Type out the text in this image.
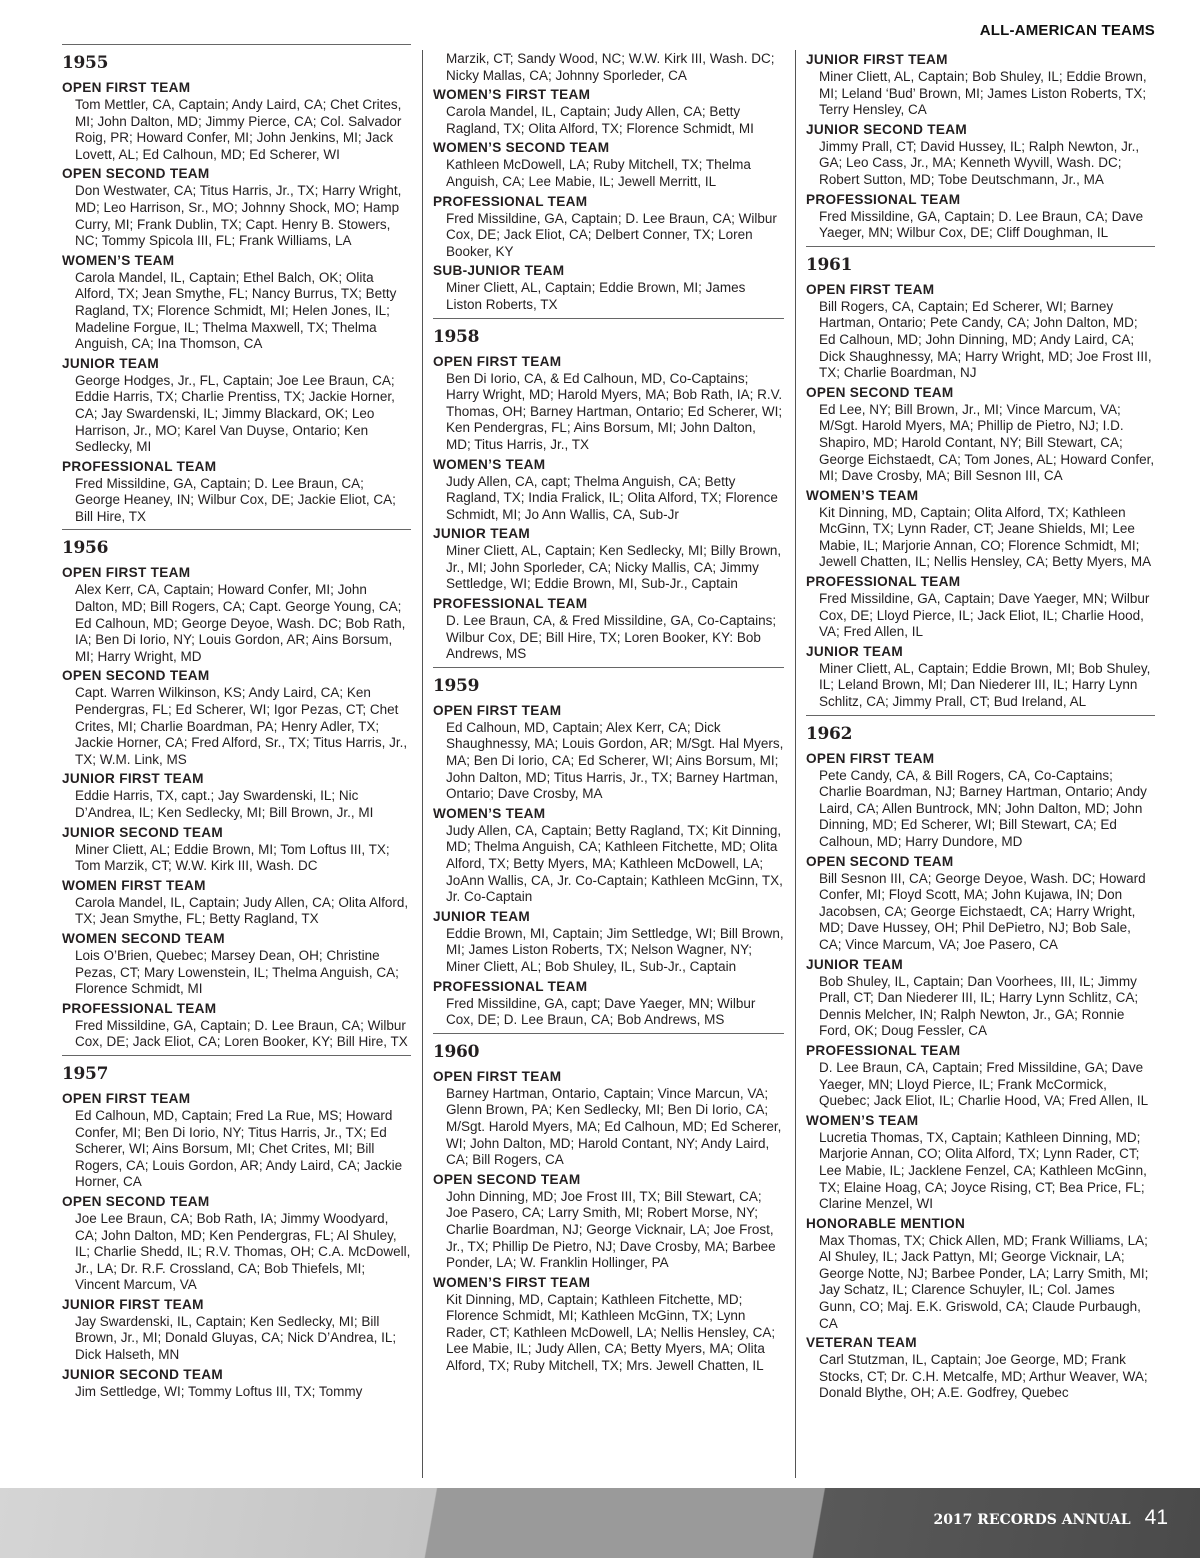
ALL-AMERICAN TEAMS
1955
OPEN FIRST TEAM
Tom Mettler, CA, Captain; Andy Laird, CA; Chet Crites, MI; John Dalton, MD; Jimmy Pierce, CA; Col. Salvador Roig, PR; Howard Confer, MI; John Jenkins, MI; Jack Lovett, AL; Ed Calhoun, MD; Ed Scherer, WI
OPEN SECOND TEAM
Don Westwater, CA; Titus Harris, Jr., TX; Harry Wright, MD; Leo Harrison, Sr., MO; Johnny Shock, MO; Hamp Curry, MI; Frank Dublin, TX; Capt. Henry B. Stowers, NC; Tommy Spicola III, FL; Frank Williams, LA
WOMEN’S TEAM
Carola Mandel, IL, Captain; Ethel Balch, OK; Olita Alford, TX; Jean Smythe, FL; Nancy Burrus, TX; Betty Ragland, TX; Florence Schmidt, MI; Helen Jones, IL; Madeline Forgue, IL; Thelma Maxwell, TX; Thelma Anguish, CA; Ina Thomson, CA
JUNIOR TEAM
George Hodges, Jr., FL, Captain; Joe Lee Braun, CA; Eddie Harris, TX; Charlie Prentiss, TX; Jackie Horner, CA; Jay Swardenski, IL; Jimmy Blackard, OK; Leo Harrison, Jr., MO; Karel Van Duyse, Ontario; Ken Sedlecky, MI
PROFESSIONAL TEAM
Fred Missildine, GA, Captain; D. Lee Braun, CA; George Heaney, IN; Wilbur Cox, DE; Jackie Eliot, CA; Bill Hire, TX
1956
OPEN FIRST TEAM
Alex Kerr, CA, Captain; Howard Confer, MI; John Dalton, MD; Bill Rogers, CA; Capt. George Young, CA; Ed Calhoun, MD; George Deyoe, Wash. DC; Bob Rath, IA; Ben Di Iorio, NY; Louis Gordon, AR; Ains Borsum, MI; Harry Wright, MD
OPEN SECOND TEAM
Capt. Warren Wilkinson, KS; Andy Laird, CA; Ken Pendergras, FL; Ed Scherer, WI; Igor Pezas, CT; Chet Crites, MI; Charlie Boardman, PA; Henry Adler, TX; Jackie Horner, CA; Fred Alford, Sr., TX; Titus Harris, Jr., TX; W.M. Link, MS
JUNIOR FIRST TEAM
Eddie Harris, TX, capt.; Jay Swardenski, IL; Nic D’Andrea, IL; Ken Sedlecky, MI; Bill Brown, Jr., MI
JUNIOR SECOND TEAM
Miner Cliett, AL; Eddie Brown, MI; Tom Loftus III, TX; Tom Marzik, CT; W.W. Kirk III, Wash. DC
WOMEN FIRST TEAM
Carola Mandel, IL, Captain; Judy Allen, CA; Olita Alford, TX; Jean Smythe, FL; Betty Ragland, TX
WOMEN SECOND TEAM
Lois O’Brien, Quebec; Marsey Dean, OH; Christine Pezas, CT; Mary Lowenstein, IL; Thelma Anguish, CA; Florence Schmidt, MI
PROFESSIONAL TEAM
Fred Missildine, GA, Captain; D. Lee Braun, CA; Wilbur Cox, DE; Jack Eliot, CA; Loren Booker, KY; Bill Hire, TX
1957
OPEN FIRST TEAM
Ed Calhoun, MD, Captain; Fred La Rue, MS; Howard Confer, MI; Ben Di Iorio, NY; Titus Harris, Jr., TX; Ed Scherer, WI; Ains Borsum, MI; Chet Crites, MI; Bill Rogers, CA; Louis Gordon, AR; Andy Laird, CA; Jackie Horner, CA
OPEN SECOND TEAM
Joe Lee Braun, CA; Bob Rath, IA; Jimmy Woodyard, CA; John Dalton, MD; Ken Pendergras, FL; Al Shuley, IL; Charlie Shedd, IL; R.V. Thomas, OH; C.A. McDowell, Jr., LA; Dr. R.F. Crossland, CA; Bob Thiefels, MI; Vincent Marcum, VA
JUNIOR FIRST TEAM
Jay Swardenski, IL, Captain; Ken Sedlecky, MI; Bill Brown, Jr., MI; Donald Gluyas, CA; Nick D’Andrea, IL; Dick Halseth, MN
JUNIOR SECOND TEAM
Jim Settledge, WI; Tommy Loftus III, TX; Tommy
Marzik, CT; Sandy Wood, NC; W.W. Kirk III, Wash. DC; Nicky Mallas, CA; Johnny Sporleder, CA
WOMEN’S FIRST TEAM
Carola Mandel, IL, Captain; Judy Allen, CA; Betty Ragland, TX; Olita Alford, TX; Florence Schmidt, MI
WOMEN’S SECOND TEAM
Kathleen McDowell, LA; Ruby Mitchell, TX; Thelma Anguish, CA; Lee Mabie, IL; Jewell Merritt, IL
PROFESSIONAL TEAM
Fred Missildine, GA, Captain; D. Lee Braun, CA; Wilbur Cox, DE; Jack Eliot, CA; Delbert Conner, TX; Loren Booker, KY
SUB-JUNIOR TEAM
Miner Cliett, AL, Captain; Eddie Brown, MI; James Liston Roberts, TX
1958
OPEN FIRST TEAM
Ben Di Iorio, CA, & Ed Calhoun, MD, Co-Captains; Harry Wright, MD; Harold Myers, MA; Bob Rath, IA; R.V. Thomas, OH; Barney Hartman, Ontario; Ed Scherer, WI; Ken Pendergras, FL; Ains Borsum, MI; John Dalton, MD; Titus Harris, Jr., TX
WOMEN’S TEAM
Judy Allen, CA, capt; Thelma Anguish, CA; Betty Ragland, TX; India Fralick, IL; Olita Alford, TX; Florence Schmidt, MI; Jo Ann Wallis, CA, Sub-Jr
JUNIOR TEAM
Miner Cliett, AL, Captain; Ken Sedlecky, MI; Billy Brown, Jr., MI; John Sporleder, CA; Nicky Mallis, CA; Jimmy Settledge, WI; Eddie Brown, MI, Sub-Jr., Captain
PROFESSIONAL TEAM
D. Lee Braun, CA, & Fred Missildine, GA, Co-Captains; Wilbur Cox, DE; Bill Hire, TX; Loren Booker, KY: Bob Andrews, MS
1959
OPEN FIRST TEAM
Ed Calhoun, MD, Captain; Alex Kerr, CA; Dick Shaughnessy, MA; Louis Gordon, AR; M/Sgt. Hal Myers, MA; Ben Di Iorio, CA; Ed Scherer, WI; Ains Borsum, MI; John Dalton, MD; Titus Harris, Jr., TX; Barney Hartman, Ontario; Dave Crosby, MA
WOMEN’S TEAM
Judy Allen, CA, Captain; Betty Ragland, TX; Kit Dinning, MD; Thelma Anguish, CA; Kathleen Fitchette, MD; Olita Alford, TX; Betty Myers, MA; Kathleen McDowell, LA; JoAnn Wallis, CA, Jr. Co-Captain; Kathleen McGinn, TX, Jr. Co-Captain
JUNIOR TEAM
Eddie Brown, MI, Captain; Jim Settledge, WI; Bill Brown, MI; James Liston Roberts, TX; Nelson Wagner, NY; Miner Cliett, AL; Bob Shuley, IL, Sub-Jr., Captain
PROFESSIONAL TEAM
Fred Missildine, GA, capt; Dave Yaeger, MN; Wilbur Cox, DE; D. Lee Braun, CA; Bob Andrews, MS
1960
OPEN FIRST TEAM
Barney Hartman, Ontario, Captain; Vince Marcun, VA; Glenn Brown, PA; Ken Sedlecky, MI; Ben Di Iorio, CA; M/Sgt. Harold Myers, MA; Ed Calhoun, MD; Ed Scherer, WI; John Dalton, MD; Harold Contant, NY; Andy Laird, CA; Bill Rogers, CA
OPEN SECOND TEAM
John Dinning, MD; Joe Frost III, TX; Bill Stewart, CA; Joe Pasero, CA; Larry Smith, MI; Robert Morse, NY; Charlie Boardman, NJ; George Vicknair, LA; Joe Frost, Jr., TX; Phillip De Pietro, NJ; Dave Crosby, MA; Barbee Ponder, LA; W. Franklin Hollinger, PA
WOMEN’S FIRST TEAM
Kit Dinning, MD, Captain; Kathleen Fitchette, MD; Florence Schmidt, MI; Kathleen McGinn, TX; Lynn Rader, CT; Kathleen McDowell, LA; Nellis Hensley, CA; Lee Mabie, IL; Judy Allen, CA; Betty Myers, MA; Olita Alford, TX; Ruby Mitchell, TX; Mrs. Jewell Chatten, IL
JUNIOR FIRST TEAM
Miner Cliett, AL, Captain; Bob Shuley, IL; Eddie Brown, MI; Leland ‘Bud’ Brown, MI; James Liston Roberts, TX; Terry Hensley, CA
JUNIOR SECOND TEAM
Jimmy Prall, CT; David Hussey, IL; Ralph Newton, Jr., GA; Leo Cass, Jr., MA; Kenneth Wyvill, Wash. DC; Robert Sutton, MD; Tobe Deutschmann, Jr., MA
PROFESSIONAL TEAM
Fred Missildine, GA, Captain; D. Lee Braun, CA; Dave Yaeger, MN; Wilbur Cox, DE; Cliff Doughman, IL
1961
OPEN FIRST TEAM
Bill Rogers, CA, Captain; Ed Scherer, WI; Barney Hartman, Ontario; Pete Candy, CA; John Dalton, MD; Ed Calhoun, MD; John Dinning, MD; Andy Laird, CA; Dick Shaughnessy, MA; Harry Wright, MD; Joe Frost III, TX; Charlie Boardman, NJ
OPEN SECOND TEAM
Ed Lee, NY; Bill Brown, Jr., MI; Vince Marcum, VA; M/Sgt. Harold Myers, MA; Phillip de Pietro, NJ; I.D. Shapiro, MD; Harold Contant, NY; Bill Stewart, CA; George Eichstaedt, CA; Tom Jones, AL; Howard Confer, MI; Dave Crosby, MA; Bill Sesnon III, CA
WOMEN’S TEAM
Kit Dinning, MD, Captain; Olita Alford, TX; Kathleen McGinn, TX; Lynn Rader, CT; Jeane Shields, MI; Lee Mabie, IL; Marjorie Annan, CO; Florence Schmidt, MI; Jewell Chatten, IL; Nellis Hensley, CA; Betty Myers, MA
PROFESSIONAL TEAM
Fred Missildine, GA, Captain; Dave Yaeger, MN; Wilbur Cox, DE; Lloyd Pierce, IL; Jack Eliot, IL; Charlie Hood, VA; Fred Allen, IL
JUNIOR TEAM
Miner Cliett, AL, Captain; Eddie Brown, MI; Bob Shuley, IL; Leland Brown, MI; Dan Niederer III, IL; Harry Lynn Schlitz, CA; Jimmy Prall, CT; Bud Ireland, AL
1962
OPEN FIRST TEAM
Pete Candy, CA, & Bill Rogers, CA, Co-Captains; Charlie Boardman, NJ; Barney Hartman, Ontario; Andy Laird, CA; Allen Buntrock, MN; John Dalton, MD; John Dinning, MD; Ed Scherer, WI; Bill Stewart, CA; Ed Calhoun, MD; Harry Dundore, MD
OPEN SECOND TEAM
Bill Sesnon III, CA; George Deyoe, Wash. DC; Howard Confer, MI; Floyd Scott, MA; John Kujawa, IN; Don Jacobsen, CA; George Eichstaedt, CA; Harry Wright, MD; Dave Hussey, OH; Phil DePietro, NJ; Bob Sale, CA; Vince Marcum, VA; Joe Pasero, CA
JUNIOR TEAM
Bob Shuley, IL, Captain; Dan Voorhees, III, IL; Jimmy Prall, CT; Dan Niederer III, IL; Harry Lynn Schlitz, CA; Dennis Melcher, IN; Ralph Newton, Jr., GA; Ronnie Ford, OK; Doug Fessler, CA
PROFESSIONAL TEAM
D. Lee Braun, CA, Captain; Fred Missildine, GA; Dave Yaeger, MN; Lloyd Pierce, IL; Frank McCormick, Quebec; Jack Eliot, IL; Charlie Hood, VA; Fred Allen, IL
WOMEN’S TEAM
Lucretia Thomas, TX, Captain; Kathleen Dinning, MD; Marjorie Annan, CO; Olita Alford, TX; Lynn Rader, CT; Lee Mabie, IL; Jacklene Fenzel, CA; Kathleen McGinn, TX; Elaine Hoag, CA; Joyce Rising, CT; Bea Price, FL; Clarine Menzel, WI
HONORABLE MENTION
Max Thomas, TX; Chick Allen, MD; Frank Williams, LA; Al Shuley, IL; Jack Pattyn, MI; George Vicknair, LA; George Notte, NJ; Barbee Ponder, LA; Larry Smith, MI; Jay Schatz, IL; Clarence Schuyler, IL; Col. James Gunn, CO; Maj. E.K. Griswold, CA; Claude Purbaugh, CA
VETERAN TEAM
Carl Stutzman, IL, Captain; Joe George, MD; Frank Stocks, CT; Dr. C.H. Metcalfe, MD; Arthur Weaver, WA; Donald Blythe, OH; A.E. Godfrey, Quebec
2017 RECORDS ANNUAL 41
